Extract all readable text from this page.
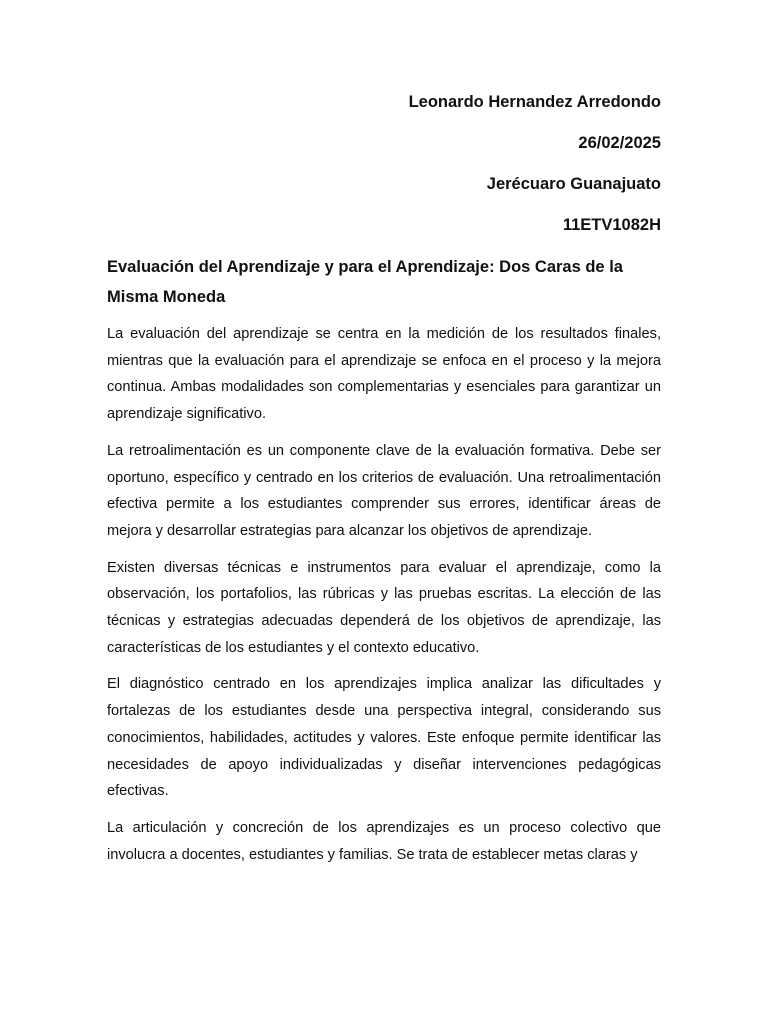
Leonardo Hernandez Arredondo

26/02/2025

Jerécuaro Guanajuato

11ETV1082H

Evaluación del Aprendizaje y para el Aprendizaje: Dos Caras de la Misma Moneda

La evaluación del aprendizaje se centra en la medición de los resultados finales, mientras que la evaluación para el aprendizaje se enfoca en el proceso y la mejora continua. Ambas modalidades son complementarias y esenciales para garantizar un aprendizaje significativo.

La retroalimentación es un componente clave de la evaluación formativa. Debe ser oportuno, específico y centrado en los criterios de evaluación. Una retroalimentación efectiva permite a los estudiantes comprender sus errores, identificar áreas de mejora y desarrollar estrategias para alcanzar los objetivos de aprendizaje.

Existen diversas técnicas e instrumentos para evaluar el aprendizaje, como la observación, los portafolios, las rúbricas y las pruebas escritas. La elección de las técnicas y estrategias adecuadas dependerá de los objetivos de aprendizaje, las características de los estudiantes y el contexto educativo.

El diagnóstico centrado en los aprendizajes implica analizar las dificultades y fortalezas de los estudiantes desde una perspectiva integral, considerando sus conocimientos, habilidades, actitudes y valores. Este enfoque permite identificar las necesidades de apoyo individualizadas y diseñar intervenciones pedagógicas efectivas.

La articulación y concreción de los aprendizajes es un proceso colectivo que involucra a docentes, estudiantes y familias. Se trata de establecer metas claras y
